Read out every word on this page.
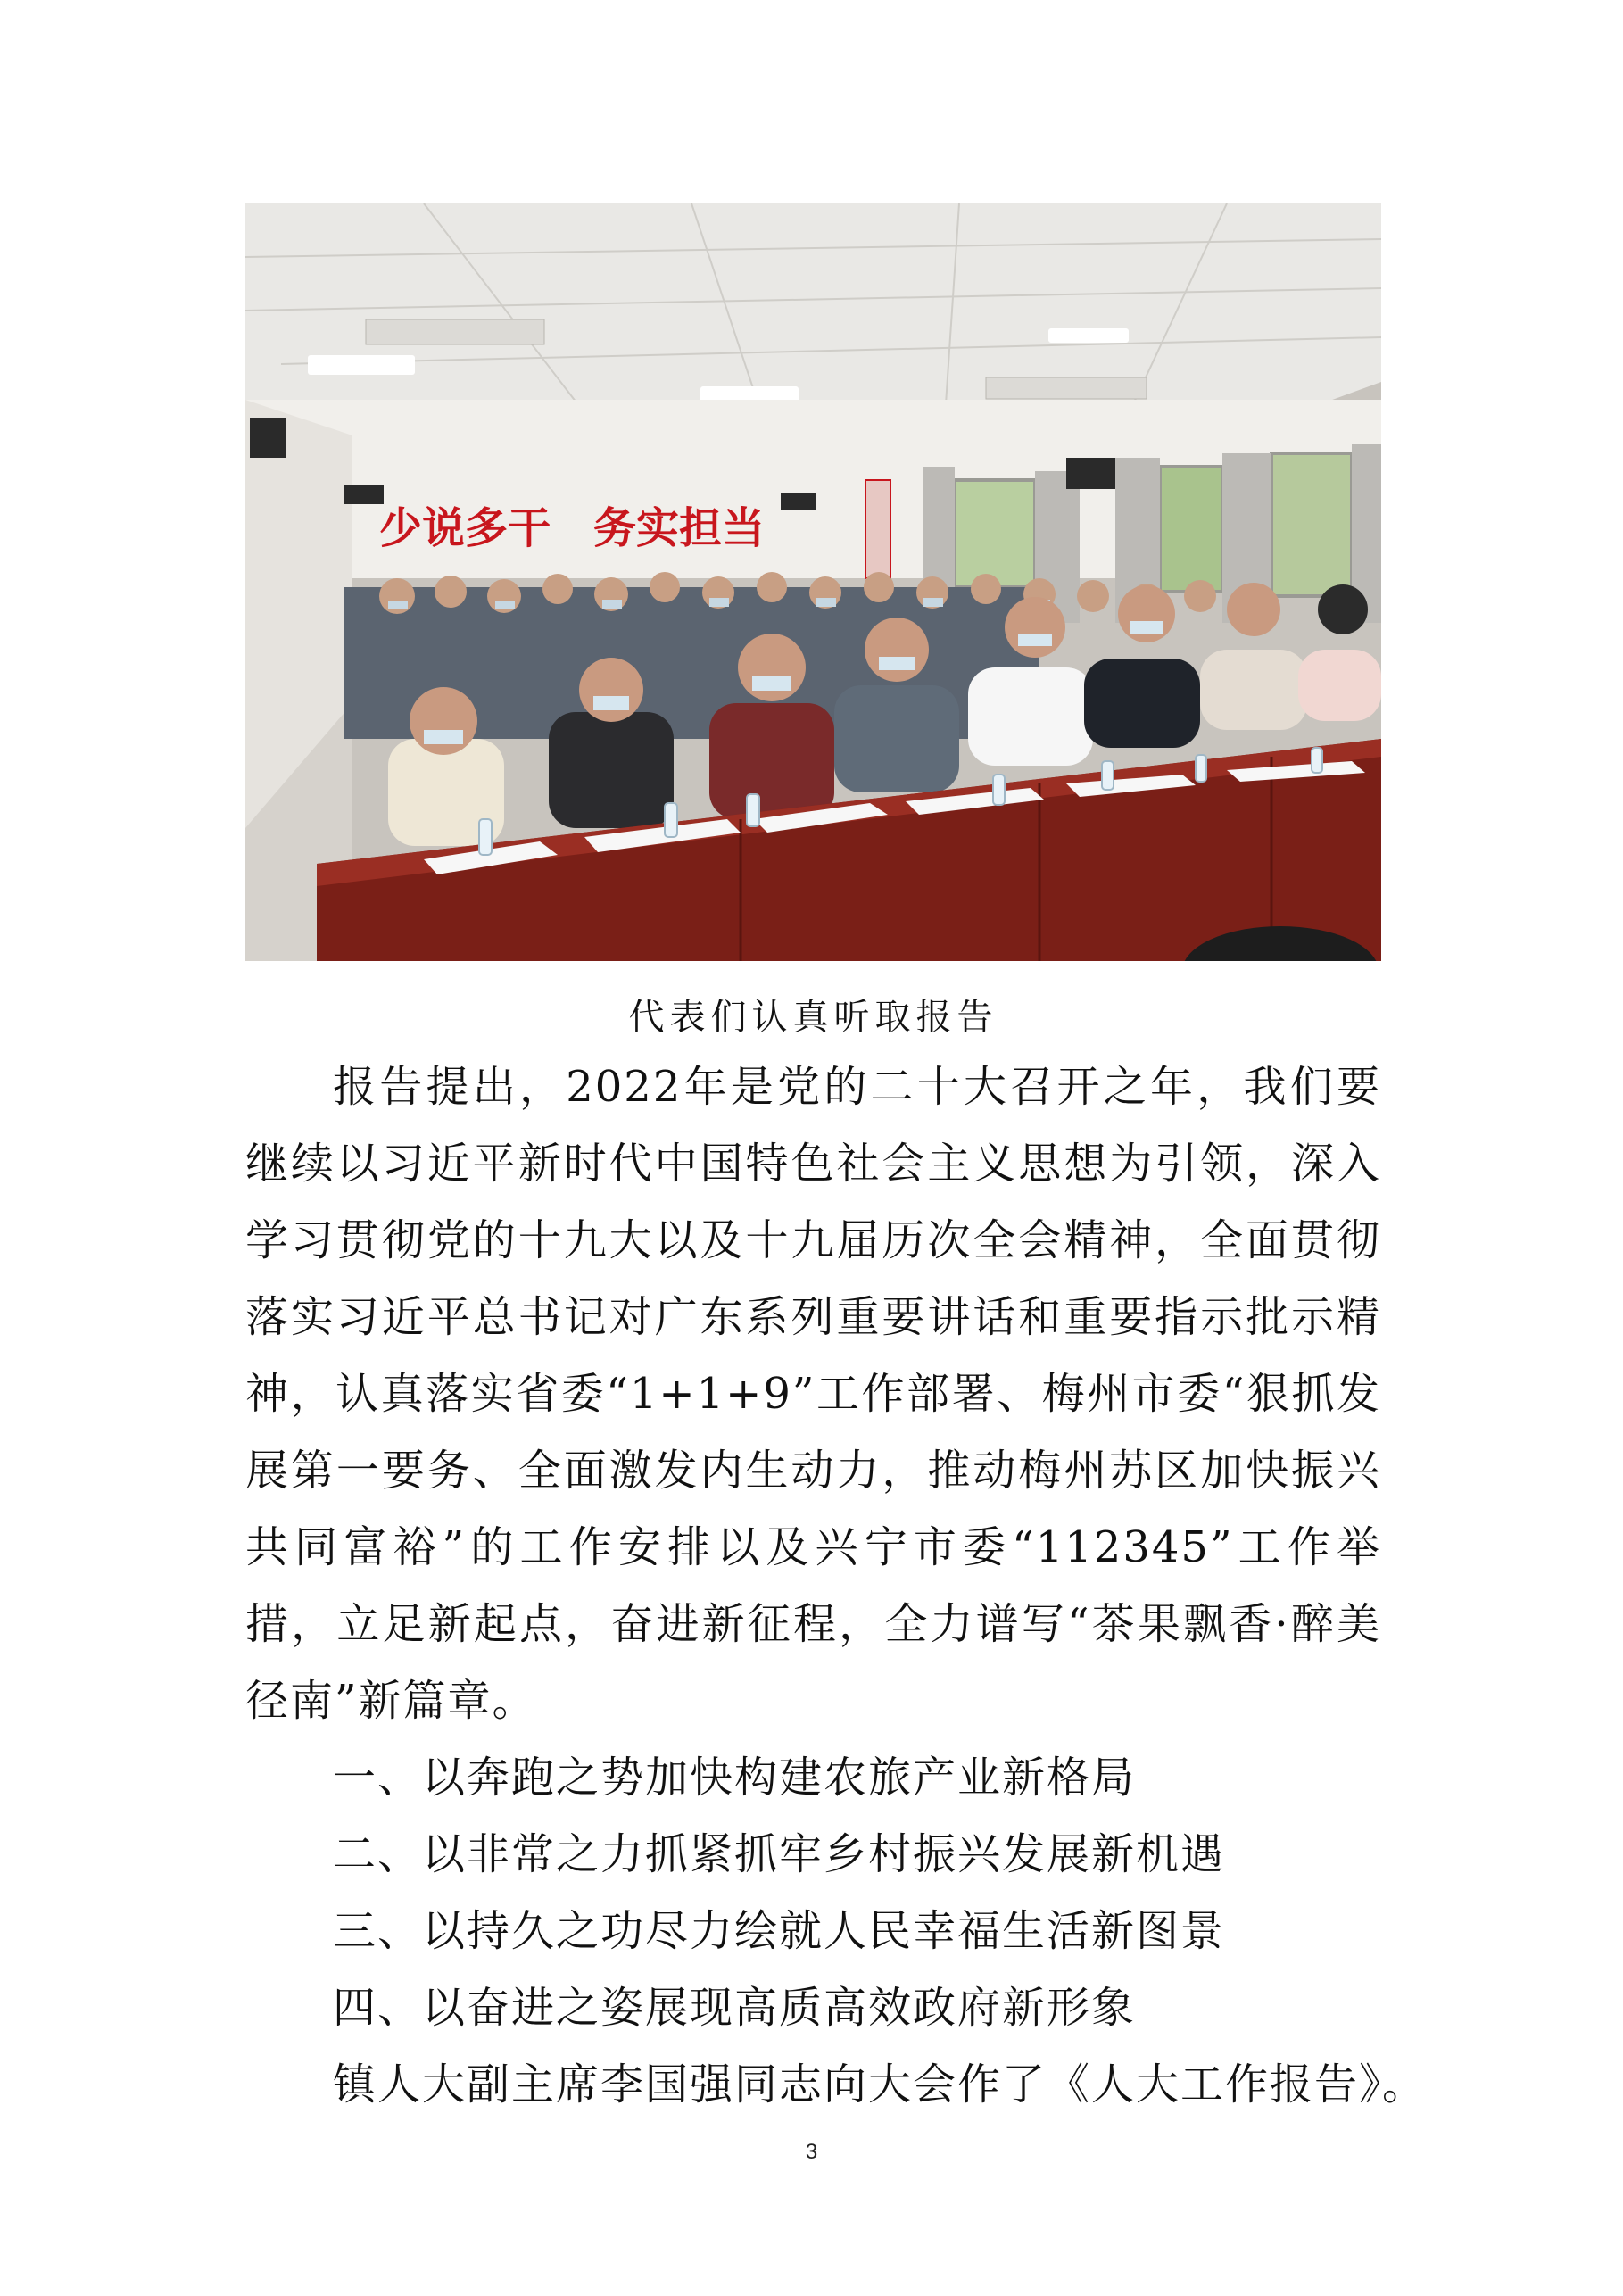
少说多干　务实担当
代表们认真听取报告

报告提出，2022年是党的二十大召开之年，我们要继续以习近平新时代中国特色社会主义思想为引领，深入学习贯彻党的十九大以及十九届历次全会精神，全面贯彻落实习近平总书记对广东系列重要讲话和重要指示批示精神，认真落实省委“1+1+9”工作部署、梅州市委“狠抓发展第一要务、全面激发内生动力，推动梅州苏区加快振兴共同富裕”的工作安排以及兴宁市委“112345”工作举措，立足新起点，奋进新征程，全力谱写“茶果飘香·醉美径南”新篇章。

一、以奔跑之势加快构建农旅产业新格局

二、以非常之力抓紧抓牢乡村振兴发展新机遇

三、以持久之功尽力绘就人民幸福生活新图景

四、以奋进之姿展现高质高效政府新形象

镇人大副主席李国强同志向大会作了《人大工作报告》。

3
